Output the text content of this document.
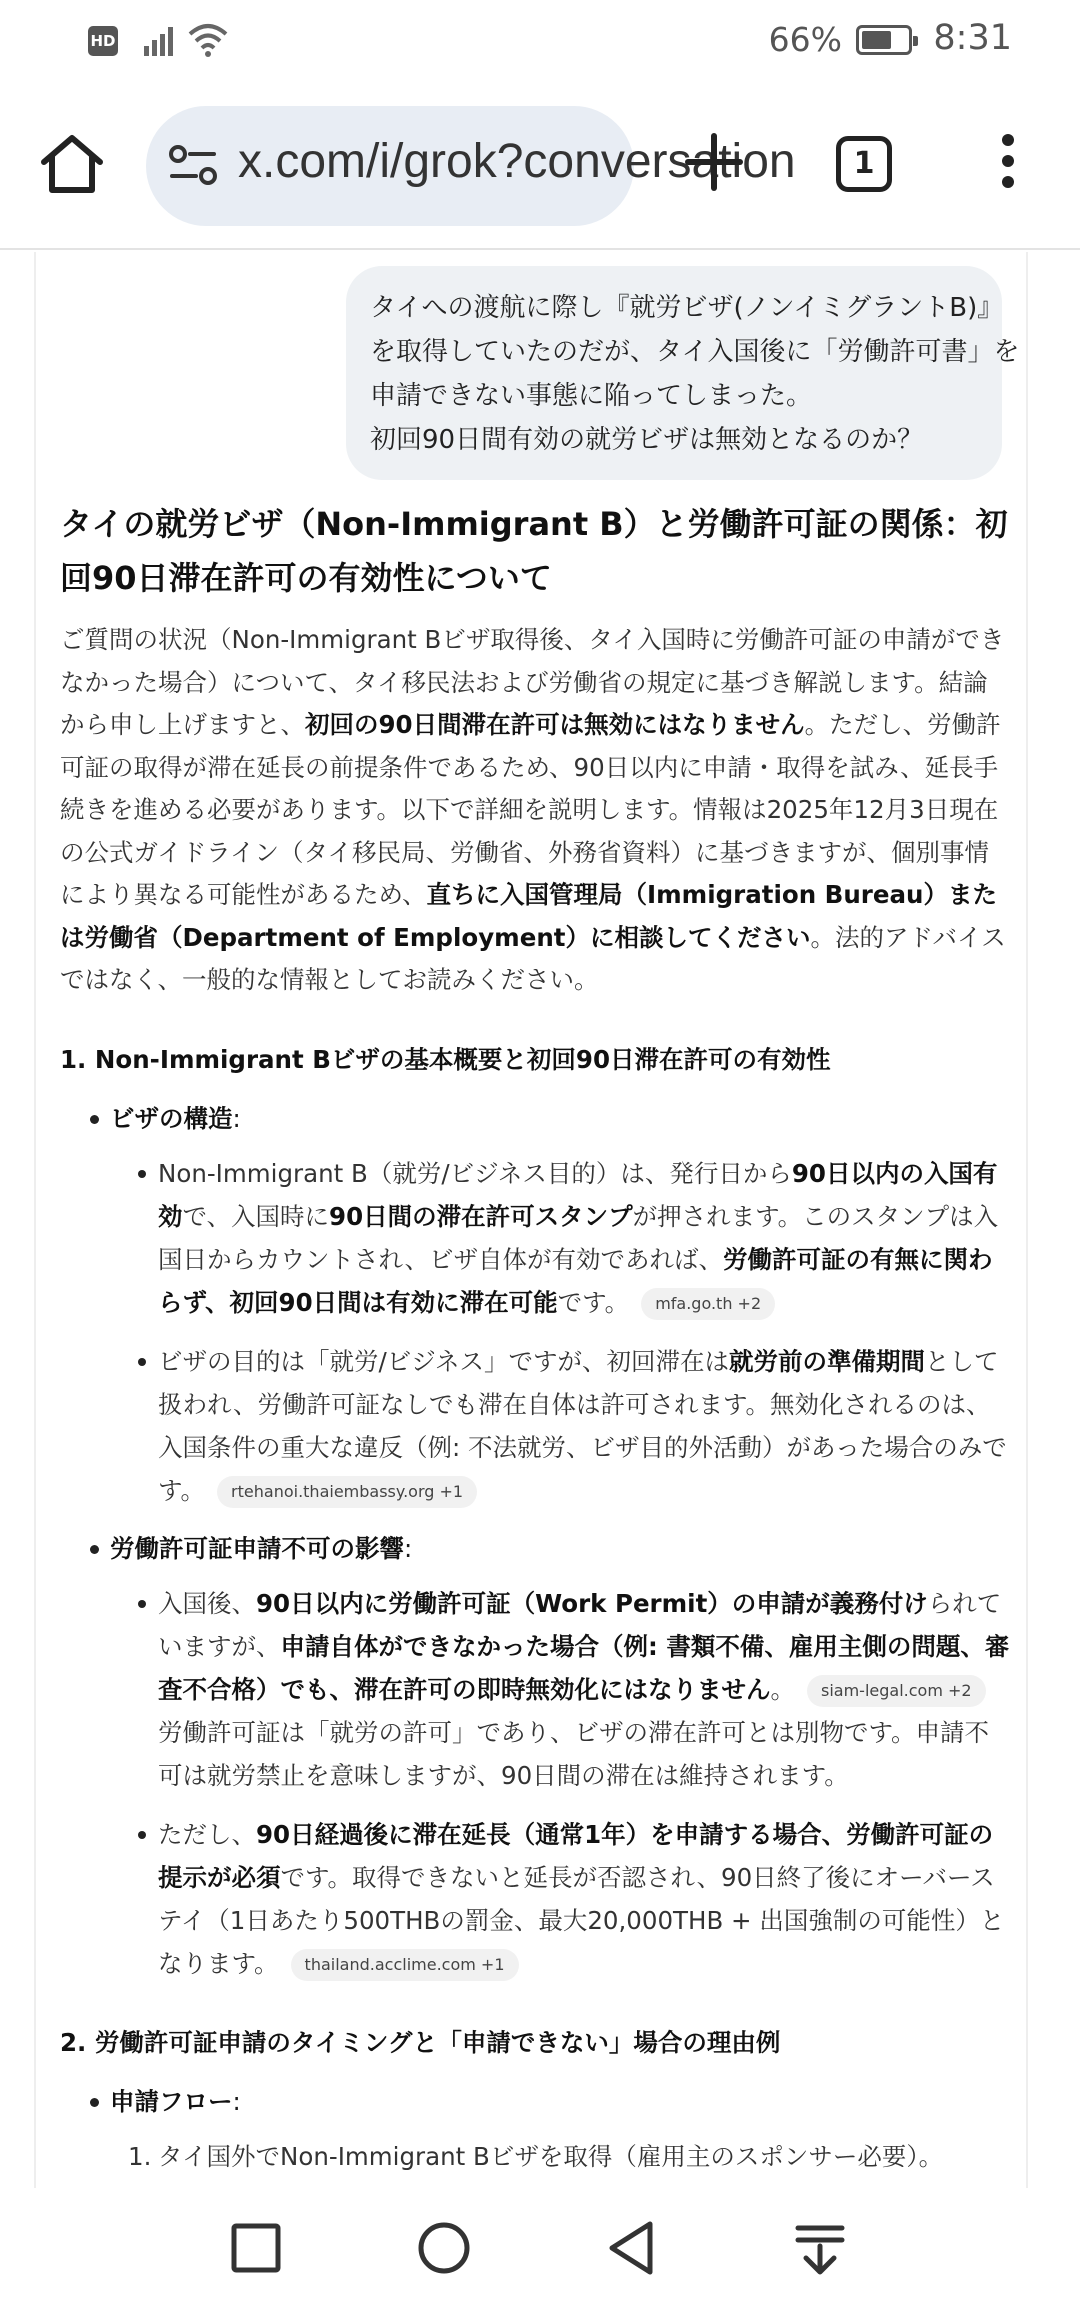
HD	66%	8:31
x.com/i/grok?conversation	1

タイへの渡航に際し『就労ビザ(ノンイミグラントB)』

を取得していたのだが、タイ入国後に「労働許可書」を

申請できない事態に陥ってしまった。

初回90日間有効の就労ビザは無効となるのか？

タイの就労ビザ（Non-Immigrant B）と労働許可証の関係：初回90日滞在許可の有効性について

ご質問の状況（Non-Immigrant Bビザ取得後、タイ入国時に労働許可証の申請ができなかった場合）について、タイ移民法および労働省の規定に基づき解説します。結論から申し上げますと、初回の90日間滞在許可は無効にはなりません。ただし、労働許可証の取得が滞在延長の前提条件であるため、90日以内に申請・取得を試み、延長手続きを進める必要があります。以下で詳細を説明します。情報は2025年12月3日現在の公式ガイドライン（タイ移民局、労働省、外務省資料）に基づきますが、個別事情により異なる可能性があるため、直ちに入国管理局（Immigration Bureau）または労働省（Department of Employment）に相談してください。法的アドバイスではなく、一般的な情報としてお読みください。

1. Non-Immigrant Bビザの基本概要と初回90日滞在許可の有効性
ビザの構造:
Non-Immigrant B（就労/ビジネス目的）は、発行日から90日以内の入国有効で、入国時に90日間の滞在許可スタンプが押されます。このスタンプは入国日からカウントされ、ビザ自体が有効であれば、労働許可証の有無に関わらず、初回90日間は有効に滞在可能です。 mfa.go.th +2
ビザの目的は「就労/ビジネス」ですが、初回滞在は就労前の準備期間として扱われ、労働許可証なしでも滞在自体は許可されます。無効化されるのは、入国条件の重大な違反（例: 不法就労、ビザ目的外活動）があった場合のみです。 rtehanoi.thaiembassy.org +1
労働許可証申請不可の影響:
入国後、90日以内に労働許可証（Work Permit）の申請が義務付けられていますが、申請自体ができなかった場合（例: 書類不備、雇用主側の問題、審査不合格）でも、滞在許可の即時無効化にはなりません。 siam-legal.com +2 労働許可証は「就労の許可」であり、ビザの滞在許可とは別物です。申請不可は就労禁止を意味しますが、90日間の滞在は維持されます。
ただし、90日経過後に滞在延長（通常1年）を申請する場合、労働許可証の提示が必須です。取得できないと延長が否認され、90日終了後にオーバーステイ（1日あたり500THBの罰金、最大20,000THB + 出国強制の可能性）となります。 thailand.acclime.com +1
2. 労働許可証申請のタイミングと「申請できない」場合の理由例
申請フロー:
1. タイ国外でNon-Immigrant Bビザを取得（雇用主のスポンサー必要）。
